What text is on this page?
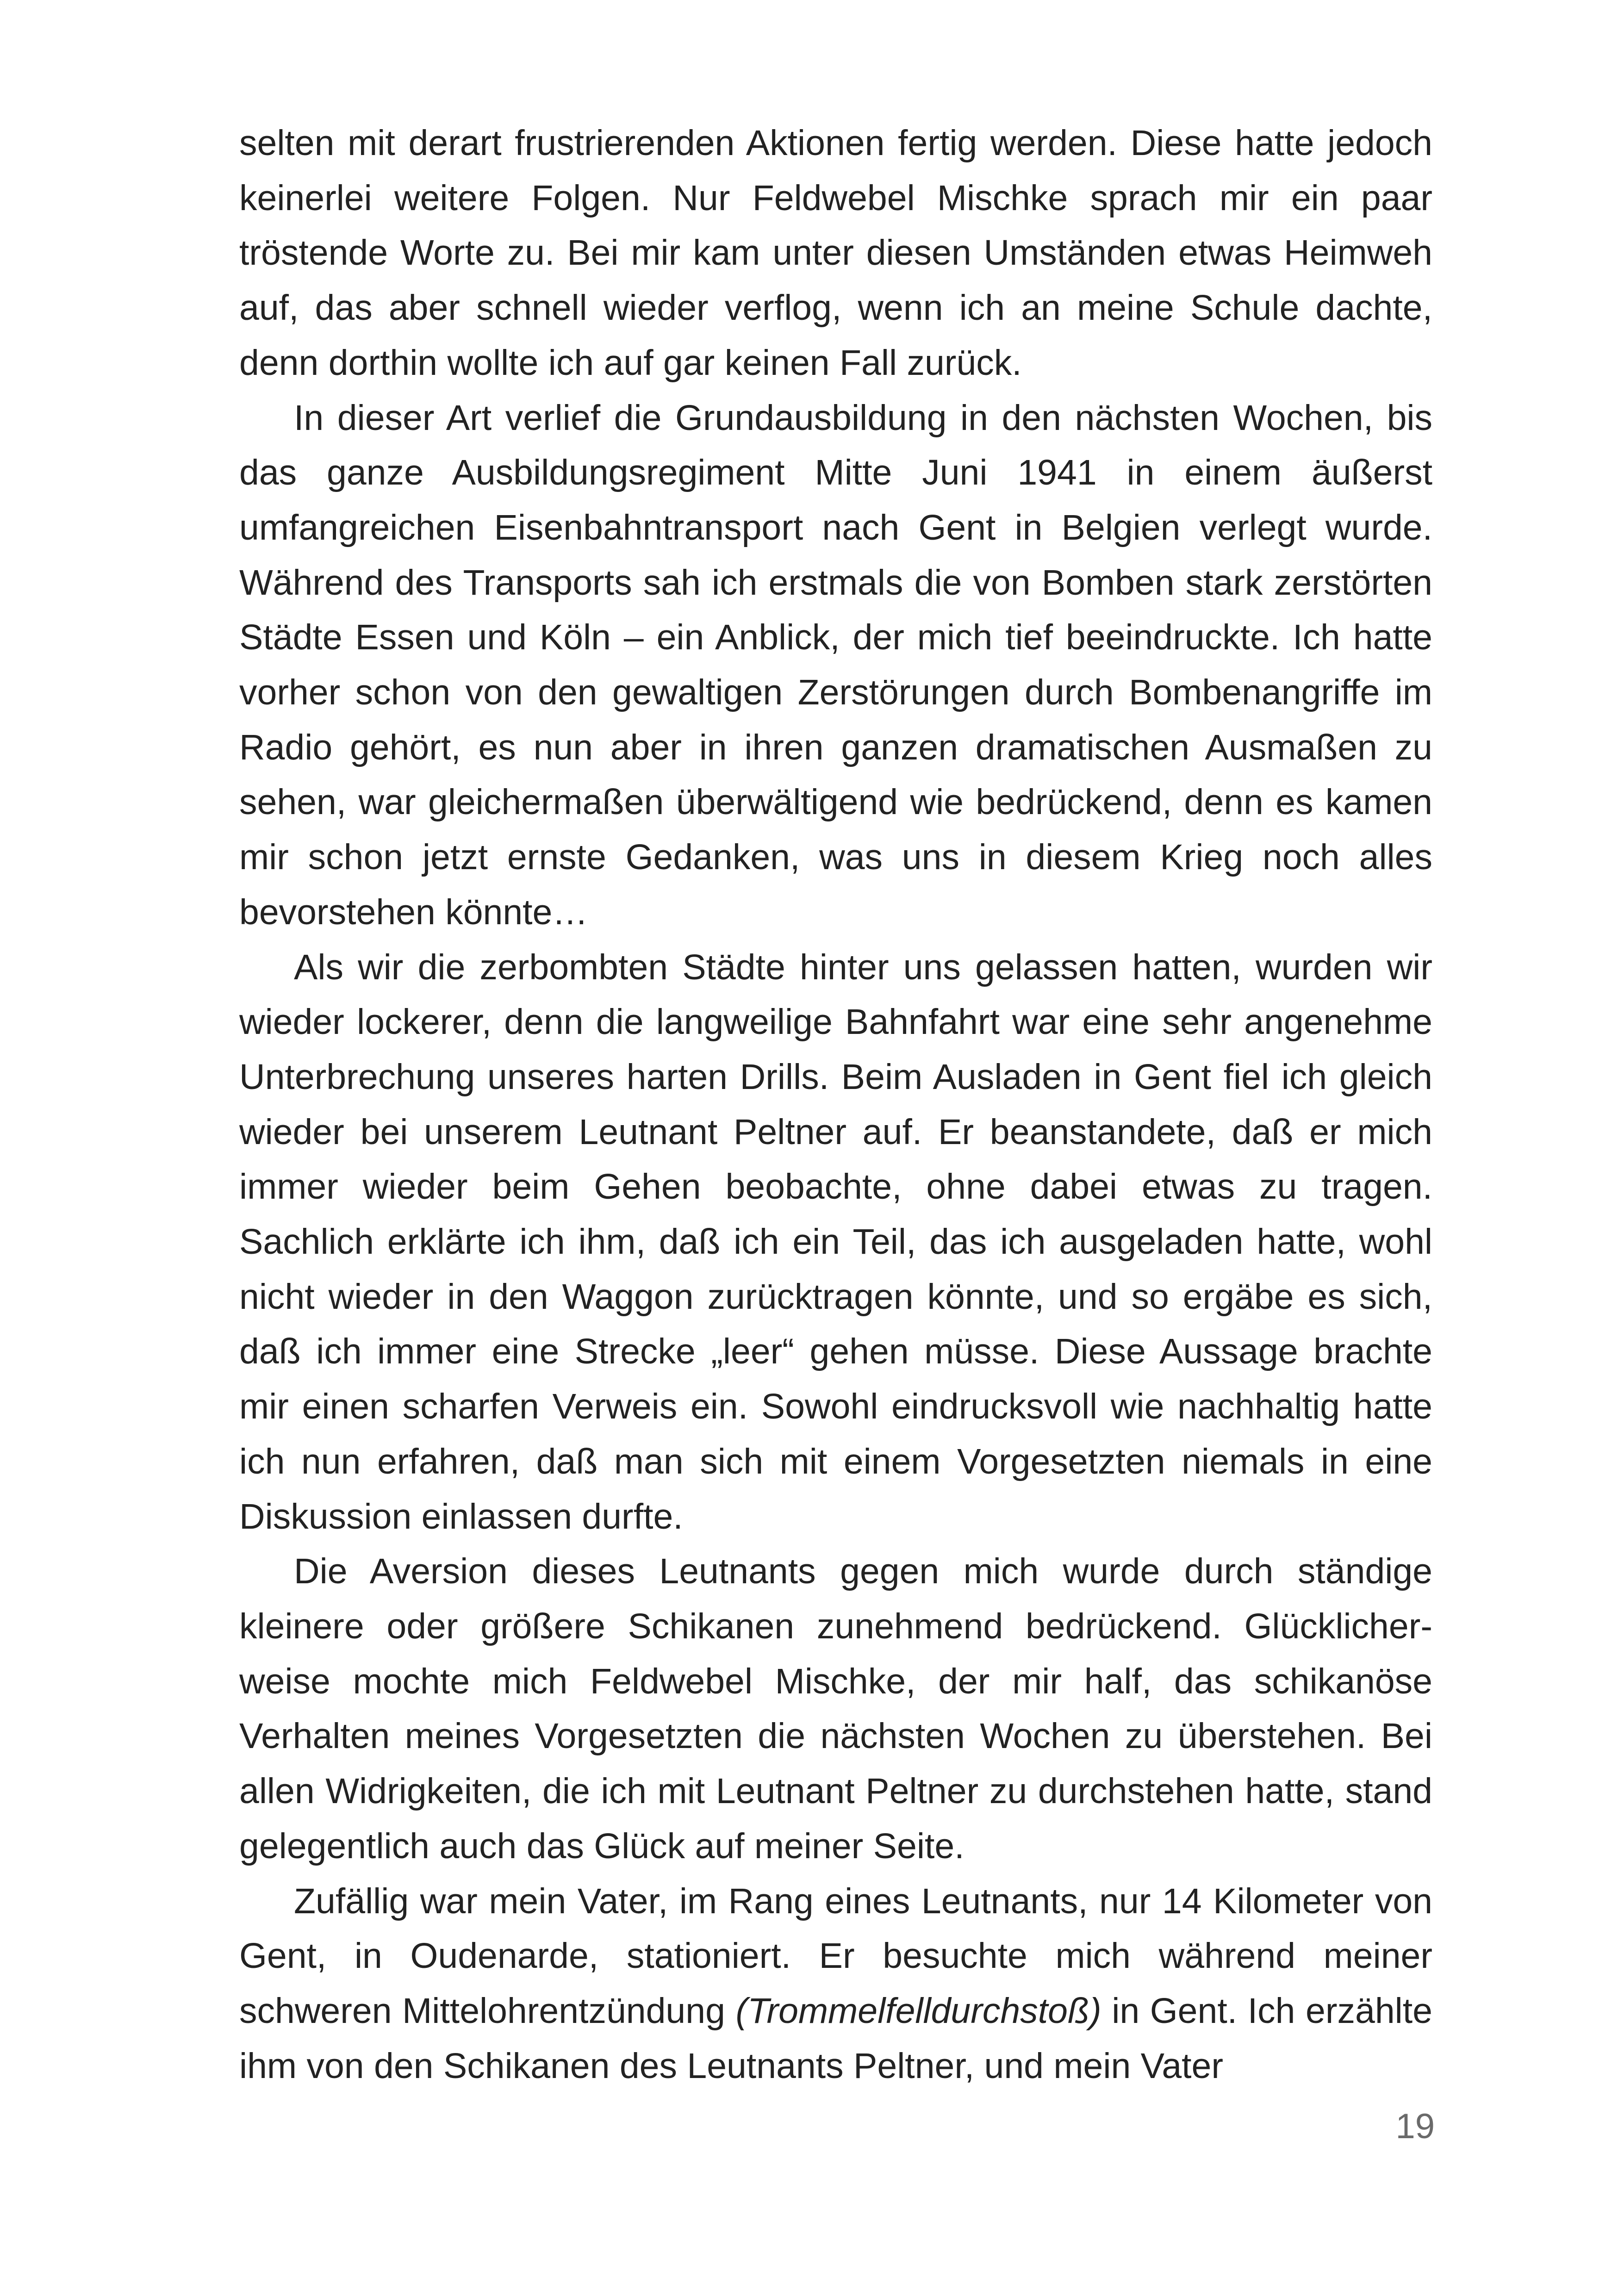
selten mit derart frustrierenden Aktionen fertig werden. Diese hatte jedoch keinerlei weitere Folgen. Nur Feldwebel Mischke sprach mir ein paar tröstende Worte zu. Bei mir kam unter diesen Umständen etwas Heimweh auf, das aber schnell wieder verflog, wenn ich an meine Schule dachte, denn dorthin wollte ich auf gar keinen Fall zurück.

In dieser Art verlief die Grundausbildung in den nächsten Wochen, bis das ganze Ausbildungsregiment Mitte Juni 1941 in einem äußerst umfangreichen Eisenbahntransport nach Gent in Belgien verlegt wurde. Während des Transports sah ich erstmals die von Bomben stark zerstörten Städte Essen und Köln – ein Anblick, der mich tief beeindruckte. Ich hatte vorher schon von den gewaltigen Zerstörungen durch Bombenangriffe im Radio gehört, es nun aber in ihren ganzen dramatischen Ausmaßen zu sehen, war gleichermaßen überwältigend wie bedrückend, denn es kamen mir schon jetzt ernste Gedanken, was uns in diesem Krieg noch alles bevorstehen könnte…

Als wir die zerbombten Städte hinter uns gelassen hatten, wurden wir wieder lockerer, denn die langweilige Bahnfahrt war eine sehr angenehme Unterbrechung unseres harten Drills. Beim Ausladen in Gent fiel ich gleich wieder bei unserem Leutnant Peltner auf. Er beanstandete, daß er mich immer wieder beim Gehen beobachte, ohne dabei etwas zu tragen. Sachlich erklärte ich ihm, daß ich ein Teil, das ich ausgeladen hatte, wohl nicht wieder in den Waggon zurücktragen könnte, und so ergäbe es sich, daß ich immer eine Strecke „leer“ gehen müsse. Diese Aussage brachte mir einen scharfen Verweis ein. Sowohl eindrucksvoll wie nachhaltig hatte ich nun erfahren, daß man sich mit einem Vorgesetzten niemals in eine Diskussion einlassen durfte.

Die Aversion dieses Leutnants gegen mich wurde durch ständige kleinere oder größere Schikanen zunehmend bedrückend. Glücklicherweise mochte mich Feldwebel Mischke, der mir half, das schikanöse Verhalten meines Vorgesetzten die nächsten Wochen zu überstehen. Bei allen Widrigkeiten, die ich mit Leutnant Peltner zu durchstehen hatte, stand gelegentlich auch das Glück auf meiner Seite.

Zufällig war mein Vater, im Rang eines Leutnants, nur 14 Kilometer von Gent, in Oudenarde, stationiert. Er besuchte mich während meiner schweren Mittelohrentzündung (Trommelfelldurchstoß) in Gent. Ich erzählte ihm von den Schikanen des Leutnants Peltner, und mein Vater

19
